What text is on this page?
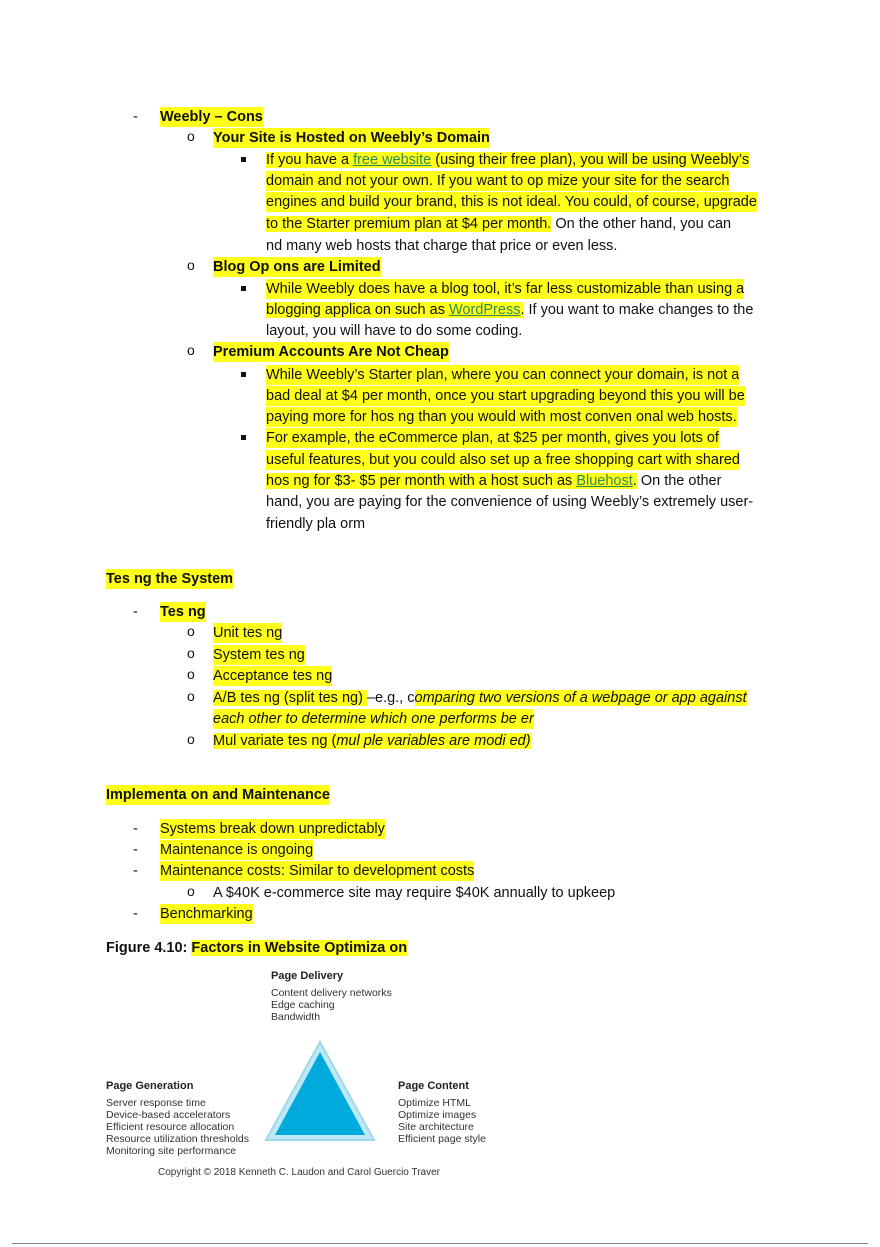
- Weebly – Cons
o Your Site is Hosted on Weebly’s Domain
If you have a free website (using their free plan), you will be using Weebly’s
domain and not your own. If you want to op mize your site for the search
engines and build your brand, this is not ideal. You could, of course, upgrade
to the Starter premium plan at $4 per month. On the other hand, you can
nd many web hosts that charge that price or even less.
o Blog Op ons are Limited
While Weebly does have a blog tool, it’s far less customizable than using a
blogging applica on such as WordPress. If you want to make changes to the
layout, you will have to do some coding.
o Premium Accounts Are Not Cheap
While Weebly’s Starter plan, where you can connect your domain, is not a
bad deal at $4 per month, once you start upgrading beyond this you will be
paying more for hos ng than you would with most conven onal web hosts.
For example, the eCommerce plan, at $25 per month, gives you lots of
useful features, but you could also set up a free shopping cart with shared
hos ng for $3- $5 per month with a host such as Bluehost. On the other
hand, you are paying for the convenience of using Weebly’s extremely user-
friendly pla orm
Tes ng the System
- Tes ng
o Unit tes ng
o System tes ng
o Acceptance tes ng
o A/B tes ng (split tes ng) –e.g., comparing two versions of a webpage or app against
each other to determine which one performs be er
o Mul variate tes ng (mul ple variables are modi ed)
Implementa on and Maintenance
- Systems break down unpredictably
- Maintenance is ongoing
- Maintenance costs: Similar to development costs
o A $40K e-commerce site may require $40K annually to upkeep
- Benchmarking
Figure 4.10: Factors in Website Optimiza on
Page Delivery
Content delivery networks
Edge caching
Bandwidth
Page Generation
Server response time
Device-based accelerators
Efficient resource allocation
Resource utilization thresholds
Monitoring site performance
Page Content
Optimize HTML
Optimize images
Site architecture
Efficient page style
Copyright © 2018 Kenneth C. Laudon and Carol Guercio Traver
